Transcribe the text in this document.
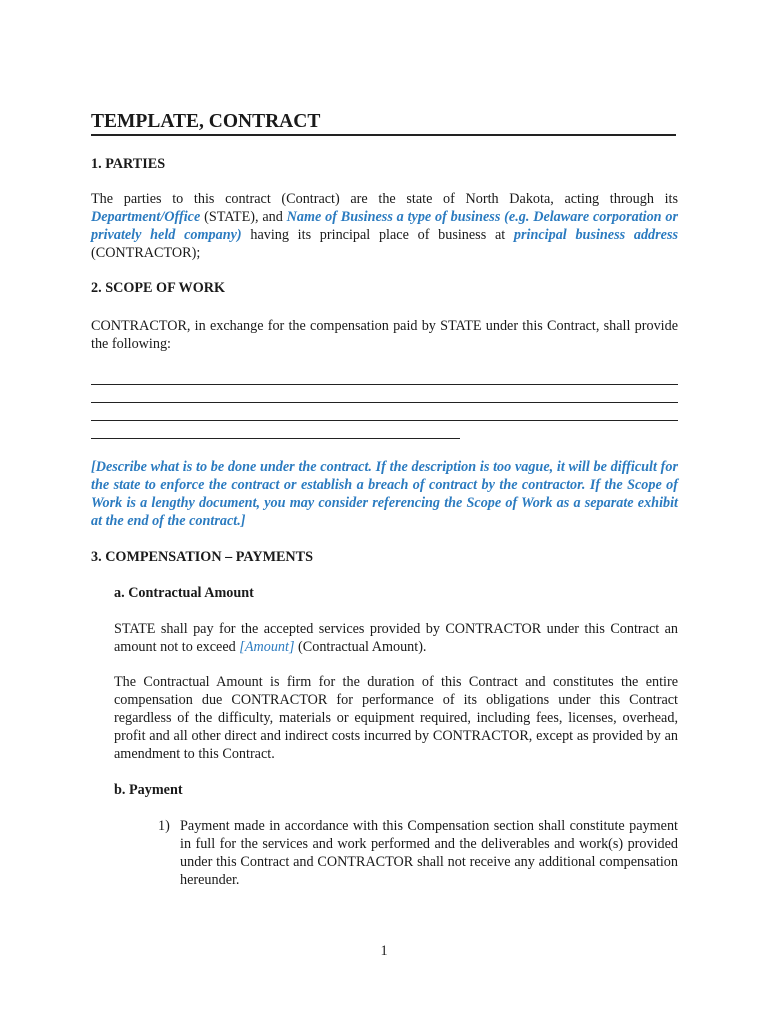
TEMPLATE, CONTRACT
1. PARTIES
The parties to this contract (Contract) are the state of North Dakota, acting through its Department/Office (STATE), and Name of Business a type of business (e.g. Delaware corporation or privately held company) having its principal place of business at principal business address (CONTRACTOR);
2. SCOPE OF WORK
CONTRACTOR, in exchange for the compensation paid by STATE under this Contract, shall provide the following:
[Describe what is to be done under the contract. If the description is too vague, it will be difficult for the state to enforce the contract or establish a breach of contract by the contractor. If the Scope of Work is a lengthy document, you may consider referencing the Scope of Work as a separate exhibit at the end of the contract.]
3. COMPENSATION – PAYMENTS
a. Contractual Amount
STATE shall pay for the accepted services provided by CONTRACTOR under this Contract an amount not to exceed [Amount] (Contractual Amount).
The Contractual Amount is firm for the duration of this Contract and constitutes the entire compensation due CONTRACTOR for performance of its obligations under this Contract regardless of the difficulty, materials or equipment required, including fees, licenses, overhead, profit and all other direct and indirect costs incurred by CONTRACTOR, except as provided by an amendment to this Contract.
b. Payment
1) Payment made in accordance with this Compensation section shall constitute payment in full for the services and work performed and the deliverables and work(s) provided under this Contract and CONTRACTOR shall not receive any additional compensation hereunder.
1
